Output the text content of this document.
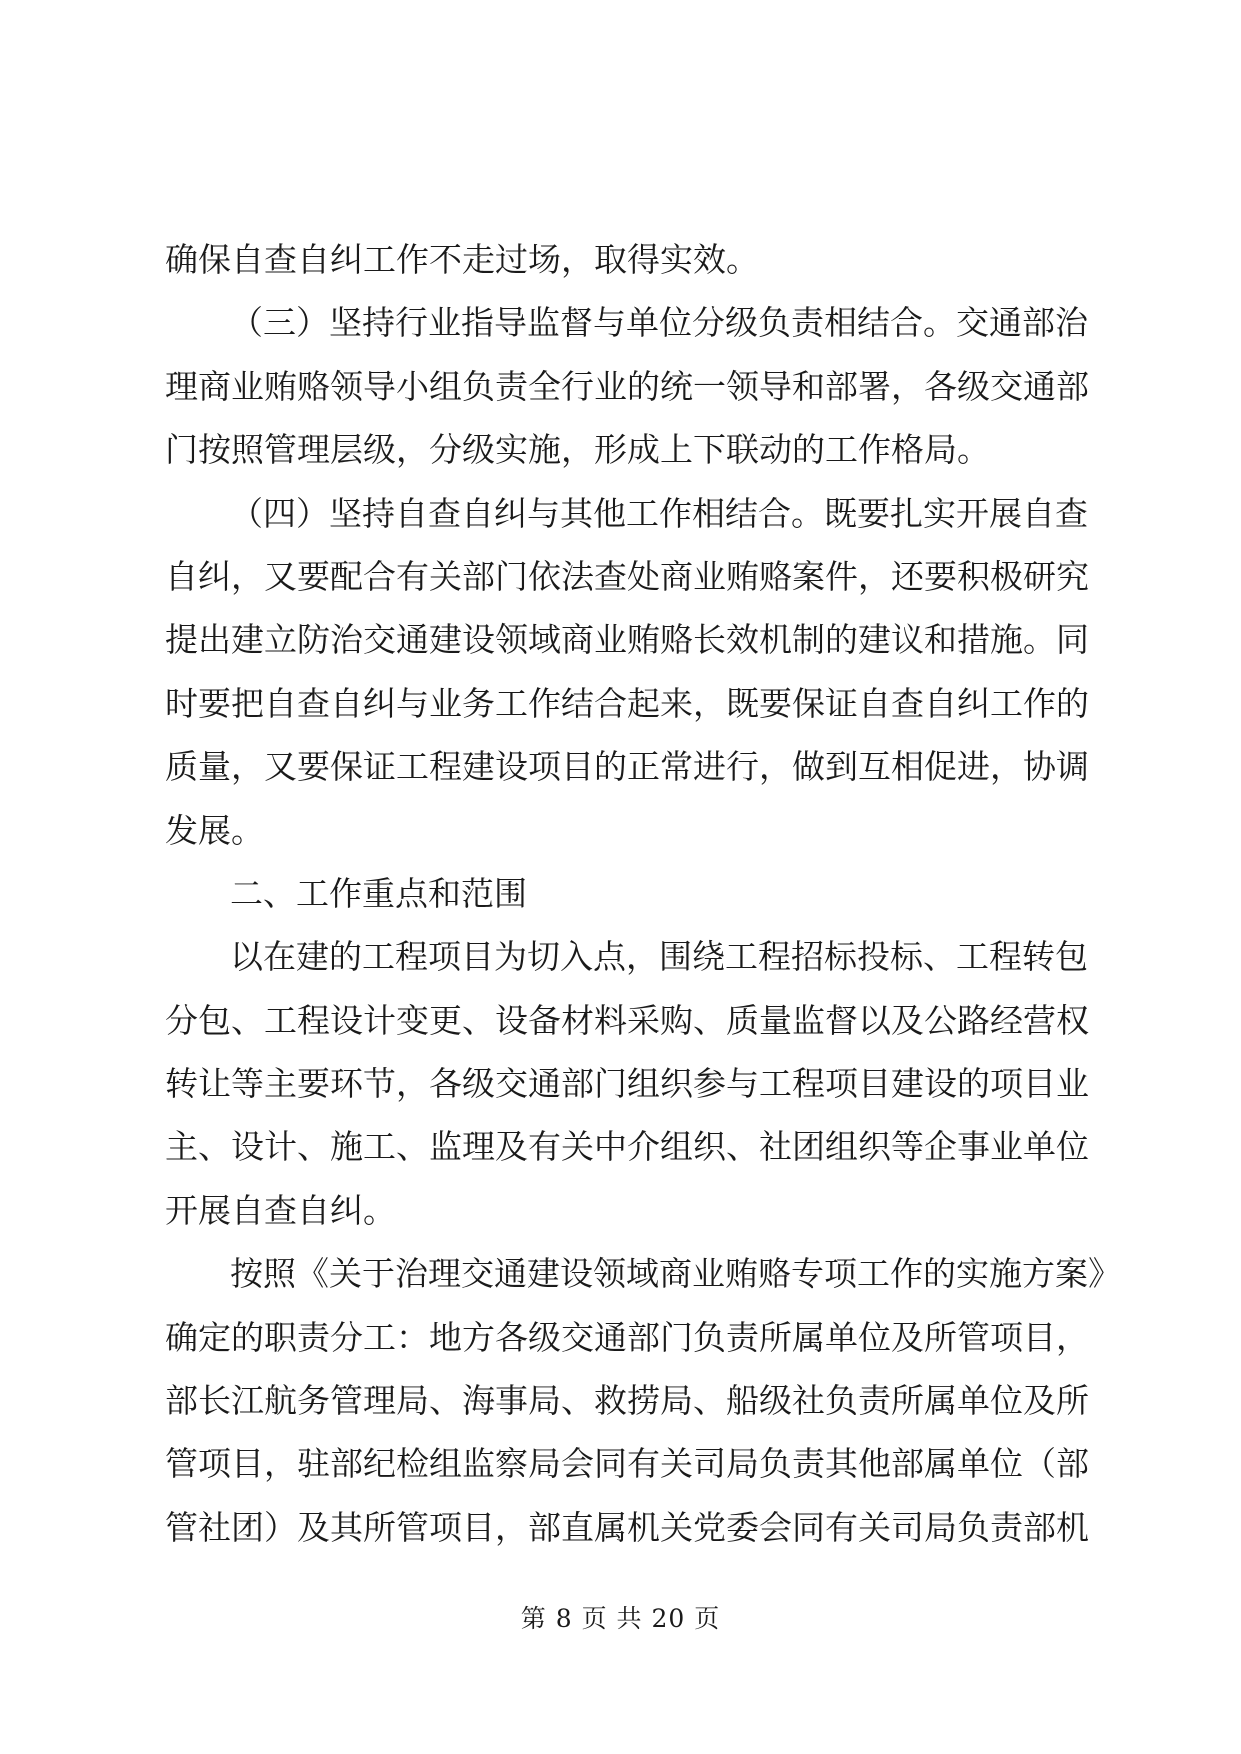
确保自查自纠工作不走过场，取得实效。
（三）坚持行业指导监督与单位分级负责相结合。交通部治
理商业贿赂领导小组负责全行业的统一领导和部署，各级交通部
门按照管理层级，分级实施，形成上下联动的工作格局。
（四）坚持自查自纠与其他工作相结合。既要扎实开展自查
自纠，又要配合有关部门依法查处商业贿赂案件，还要积极研究
提出建立防治交通建设领域商业贿赂长效机制的建议和措施。同
时要把自查自纠与业务工作结合起来，既要保证自查自纠工作的
质量，又要保证工程建设项目的正常进行，做到互相促进，协调
发展。
二、工作重点和范围
以在建的工程项目为切入点，围绕工程招标投标、工程转包
分包、工程设计变更、设备材料采购、质量监督以及公路经营权
转让等主要环节，各级交通部门组织参与工程项目建设的项目业
主、设计、施工、监理及有关中介组织、社团组织等企事业单位
开展自查自纠。
按照《关于治理交通建设领域商业贿赂专项工作的实施方案》
确定的职责分工：地方各级交通部门负责所属单位及所管项目，
部长江航务管理局、海事局、救捞局、船级社负责所属单位及所
管项目，驻部纪检组监察局会同有关司局负责其他部属单位（部
管社团）及其所管项目，部直属机关党委会同有关司局负责部机
第 8 页 共 20 页
